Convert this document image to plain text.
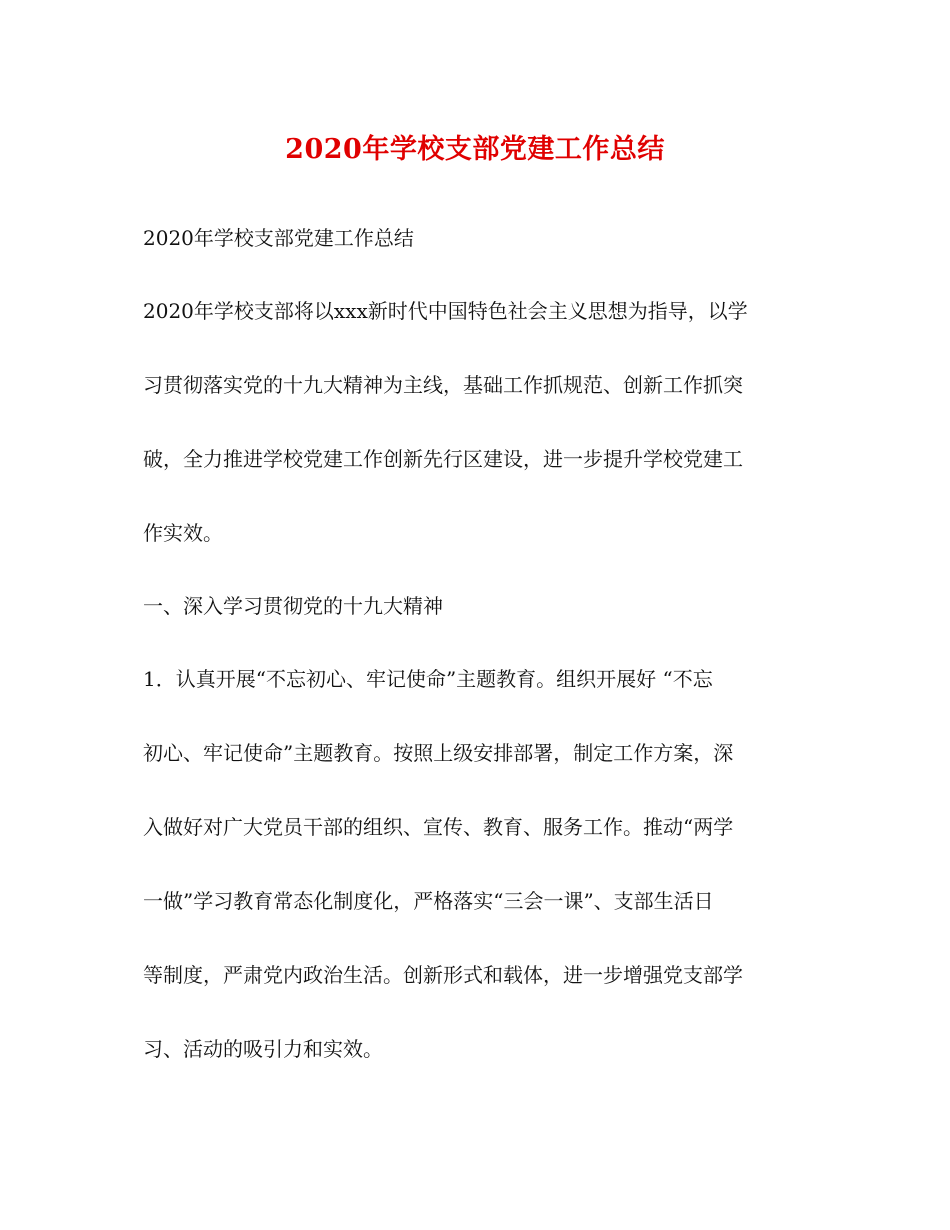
2020年学校支部党建工作总结

2020年学校支部党建工作总结

2020年学校支部将以xxx新时代中国特色社会主义思想为指导，以学
习贯彻落实党的十九大精神为主线，基础工作抓规范、创新工作抓突
破，全力推进学校党建工作创新先行区建设，进一步提升学校党建工
作实效。

一、深入学习贯彻党的十九大精神

1．认真开展“不忘初心、牢记使命”主题教育。组织开展好 “不忘
初心、牢记使命”主题教育。按照上级安排部署，制定工作方案，深
入做好对广大党员干部的组织、宣传、教育、服务工作。推动“两学
一做”学习教育常态化制度化，严格落实“三会一课”、支部生活日
等制度，严肃党内政治生活。创新形式和载体，进一步增强党支部学
习、活动的吸引力和实效。
